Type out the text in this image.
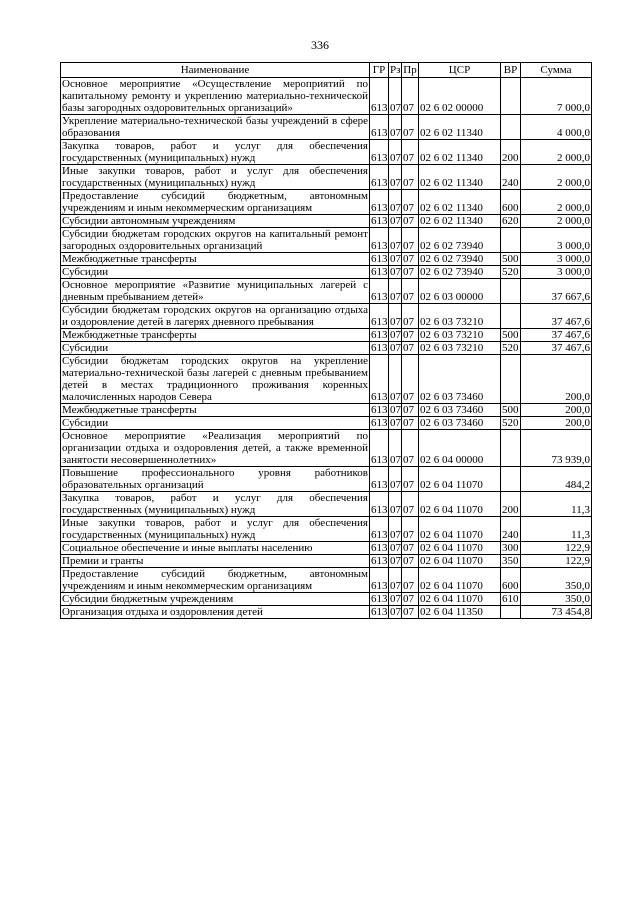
336
Наименование	ГР	Рз	Пр	ЦСР	ВР	Сумма
Основное мероприятие «Осуществление мероприятий по капитальному ремонту и укреплению материально-технической базы загородных оздоровительных организаций»	613	07	07	02 6 02 00000		7 000,0
Укрепление материально-технической базы учреждений в сфере образования	613	07	07	02 6 02 11340		4 000,0
Закупка товаров, работ и услуг для обеспечения государственных (муниципальных) нужд	613	07	07	02 6 02 11340	200	2 000,0
Иные закупки товаров, работ и услуг для обеспечения государственных (муниципальных) нужд	613	07	07	02 6 02 11340	240	2 000,0
Предоставление субсидий бюджетным, автономным учреждениям и иным некоммерческим организациям	613	07	07	02 6 02 11340	600	2 000,0
Субсидии автономным учреждениям	613	07	07	02 6 02 11340	620	2 000,0
Субсидии бюджетам городских округов на капитальный ремонт загородных оздоровительных организаций	613	07	07	02 6 02 73940		3 000,0
Межбюджетные трансферты	613	07	07	02 6 02 73940	500	3 000,0
Субсидии	613	07	07	02 6 02 73940	520	3 000,0
Основное мероприятие «Развитие муниципальных лагерей с дневным пребыванием детей»	613	07	07	02 6 03 00000		37 667,6
Субсидии бюджетам городских округов на организацию отдыха и оздоровление детей в лагерях дневного пребывания	613	07	07	02 6 03 73210		37 467,6
Межбюджетные трансферты	613	07	07	02 6 03 73210	500	37 467,6
Субсидии	613	07	07	02 6 03 73210	520	37 467,6
Субсидии бюджетам городских округов на укрепление материально-технической базы лагерей с дневным пребыванием детей в местах традиционного проживания коренных малочисленных народов Севера	613	07	07	02 6 03 73460		200,0
Межбюджетные трансферты	613	07	07	02 6 03 73460	500	200,0
Субсидии	613	07	07	02 6 03 73460	520	200,0
Основное мероприятие «Реализация мероприятий по организации отдыха и оздоровления детей, а также временной занятости несовершеннолетних»	613	07	07	02 6 04 00000		73 939,0
Повышение профессионального уровня работников образовательных организаций	613	07	07	02 6 04 11070		484,2
Закупка товаров, работ и услуг для обеспечения государственных (муниципальных) нужд	613	07	07	02 6 04 11070	200	11,3
Иные закупки товаров, работ и услуг для обеспечения государственных (муниципальных) нужд	613	07	07	02 6 04 11070	240	11,3
Социальное обеспечение и иные выплаты населению	613	07	07	02 6 04 11070	300	122,9
Премии и гранты	613	07	07	02 6 04 11070	350	122,9
Предоставление субсидий бюджетным, автономным учреждениям и иным некоммерческим организациям	613	07	07	02 6 04 11070	600	350,0
Субсидии бюджетным учреждениям	613	07	07	02 6 04 11070	610	350,0
Организация отдыха и оздоровления детей	613	07	07	02 6 04 11350		73 454,8
